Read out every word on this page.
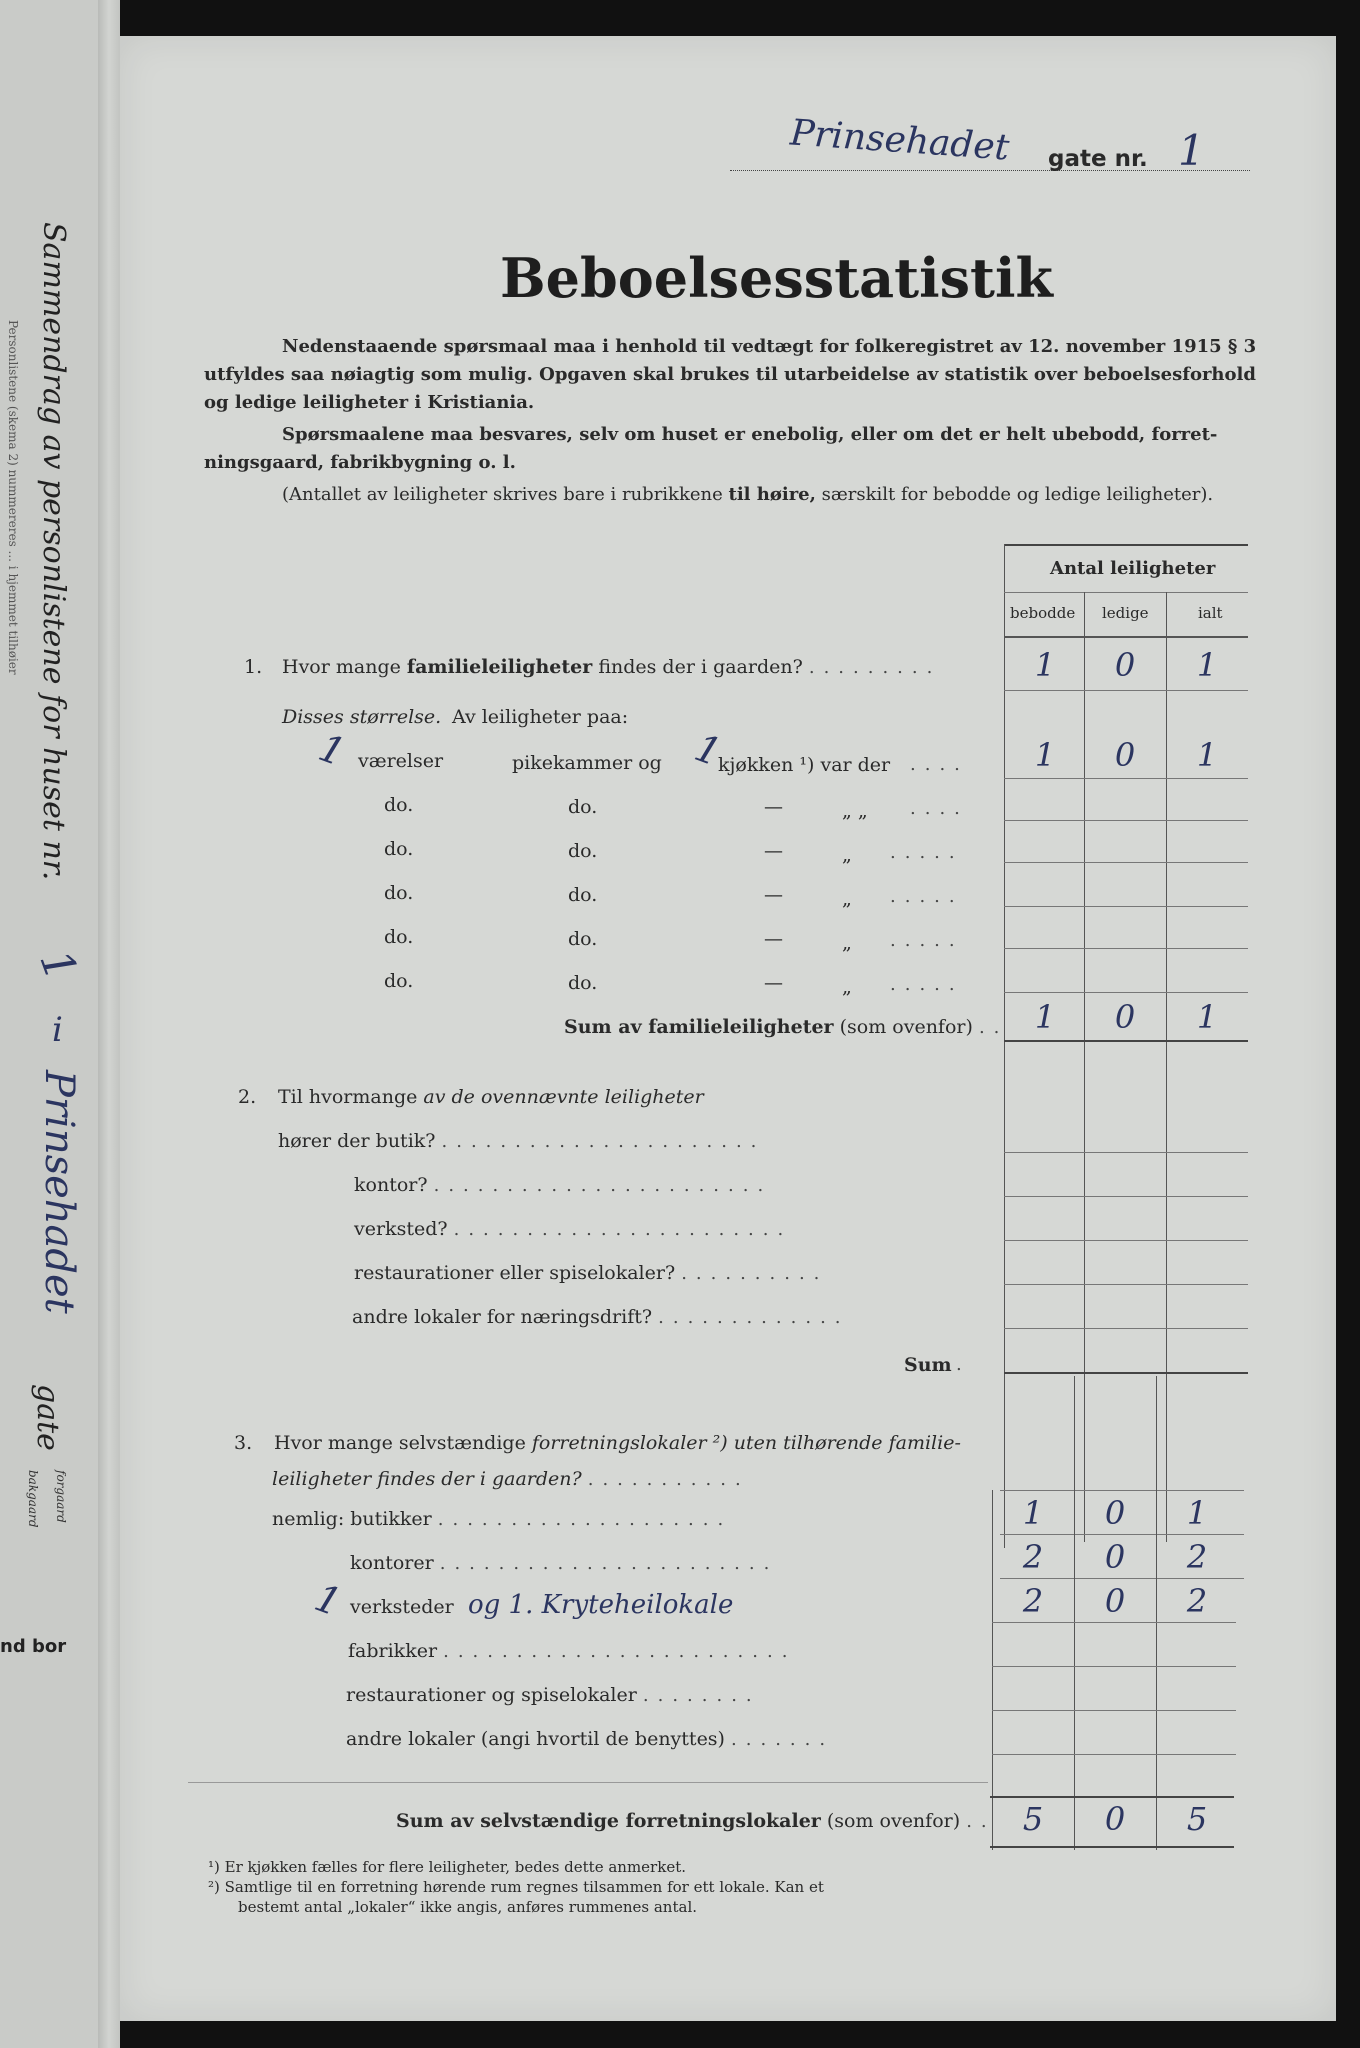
Sammendrag av personlistene for huset nr.
Personlistene (skema 2) nummereres ... i hjemmet tilhøier
1
i
Prinsehadet
gate
forgaard
bakgaard
nd bor
Prinsehadet gate nr. 1
Beboelsesstatistik
Nedenstaaende spørsmaal maa i henhold til vedtægt for folkeregistret av 12. november 1915 § 3
utfyldes saa nøiagtig som mulig. Opgaven skal brukes til utarbeidelse av statistik over beboelsesforhold
og ledige leiligheter i Kristiania.
Spørsmaalene maa besvares, selv om huset er enebolig, eller om det er helt ubebodd, forret-
ningsgaard, fabrikbygning o. l.
(Antallet av leiligheter skrives bare i rubrikkene til høire, særskilt for bebodde og ledige leiligheter).
Antal leiligheter
bebodde ledige	ialt
1. Hvor mange familieleiligheter findes der i gaarden? .........	1	0	1
Disses størrelse. Av leiligheter paa:
1 værelser	pikekammer og 1
kjøkken ¹) var der ....	1	0	1
do.	do.	—	„ „ ....
do.	do.	—	„ .....
do.	do.	—	„ .....
do.	do.	—	„ .....
do.	do.	—	„ .....
Sum av familieleiligheter (som ovenfor) .. 1	0	1
2. Til hvormange av de ovennævnte leiligheter
hører der butik? ......................
kontor? .......................
verksted? .......................
restaurationer eller spiselokaler? ..........
andre lokaler for næringsdrift? .............
Sum .
3. Hvor mange selvstændige forretningslokaler ²) uten tilhørende familie-
leiligheter findes der i gaarden? ...........
nemlig: butikker ....................	1	0	1
kontorer .......................	2	0	2
1 verksteder og 1. Kryteheilokale	2	0	2
fabrikker ........................
restaurationer og spiselokaler ........
andre lokaler (angi hvortil de benyttes) .......
Sum av selvstændige forretningslokaler (som ovenfor) .. 5	0	5
¹) Er kjøkken fælles for flere leiligheter, bedes dette anmerket.
²) Samtlige til en forretning hørende rum regnes tilsammen for ett lokale. Kan et
bestemt antal „lokaler“ ikke angis, anføres rummenes antal.
